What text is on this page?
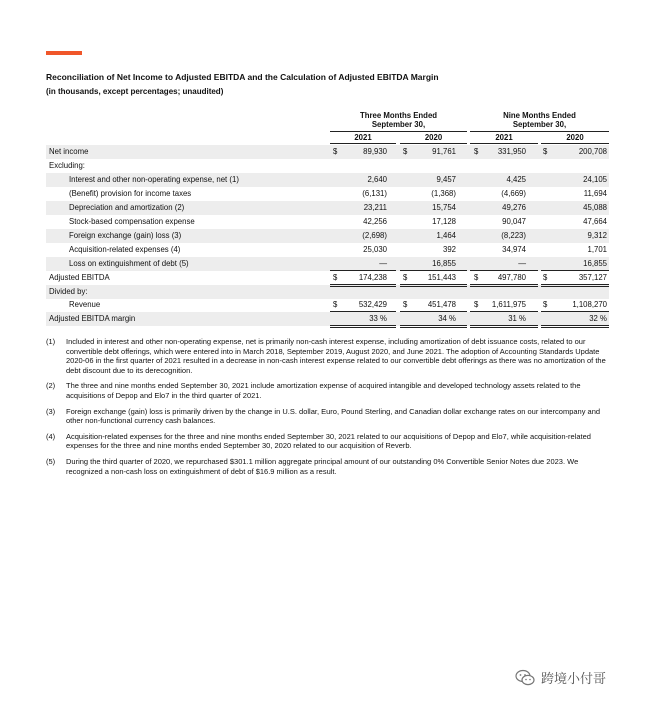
Reconciliation of Net Income to Adjusted EBITDA and the Calculation of Adjusted EBITDA Margin
(in thousands, except percentages; unaudited)
(1) Included in interest and other non-operating expense, net is primarily non-cash interest expense, including amortization of debt issuance costs, related to our convertible debt offerings, which were entered into in March 2018, September 2019, August 2020, and June 2021. The adoption of Accounting Standards Update 2020-06 in the first quarter of 2021 resulted in a decrease in non-cash interest expense related to our convertible debt offerings as there was no amortization of the debt discount due to its derecognition.
(2) The three and nine months ended September 30, 2021 include amortization expense of acquired intangible and developed technology assets related to the acquisitions of Depop and Elo7 in the third quarter of 2021.
(3) Foreign exchange (gain) loss is primarily driven by the change in U.S. dollar, Euro, Pound Sterling, and Canadian dollar exchange rates on our intercompany and other non-functional currency cash balances.
(4) Acquisition-related expenses for the three and nine months ended September 30, 2021 related to our acquisitions of Depop and Elo7, while acquisition-related expenses for the three and nine months ended September 30, 2020 related to our acquisition of Reverb.
(5) During the third quarter of 2020, we repurchased $301.1 million aggregate principal amount of our outstanding 0% Convertible Senior Notes due 2023. We recognized a non-cash loss on extinguishment of debt of $16.9 million as a result.
跨境小付哥
Three Months Ended
September 30,
Nine Months Ended
September 30,
2021	2020	2021	2020
Net income	$	89,930 $	91,761 $ 331,950 $	200,708
Excluding:
Interest and other non-operating expense, net (1)	2,640	9,457	4,425	24,105
(Benefit) provision for income taxes	(6,131)	(1,368)	(4,669)	11,694
Depreciation and amortization (2)	23,211	15,754	49,276	45,088
Stock-based compensation expense	42,256	17,128	90,047	47,664
Foreign exchange (gain) loss (3)	(2,698)	1,464	(8,223)	9,312
Acquisition-related expenses (4)	25,030	392	34,974	1,701
Loss on extinguishment of debt (5)	—	16,855	—	16,855
Adjusted EBITDA	$	174,238 $	151,443 $ 497,780 $	357,127
Divided by:
Revenue	$	532,429 $	451,478 $ 1,611,975 $	1,108,270
Adjusted EBITDA margin	33 %	34 %	31 %	32 %
